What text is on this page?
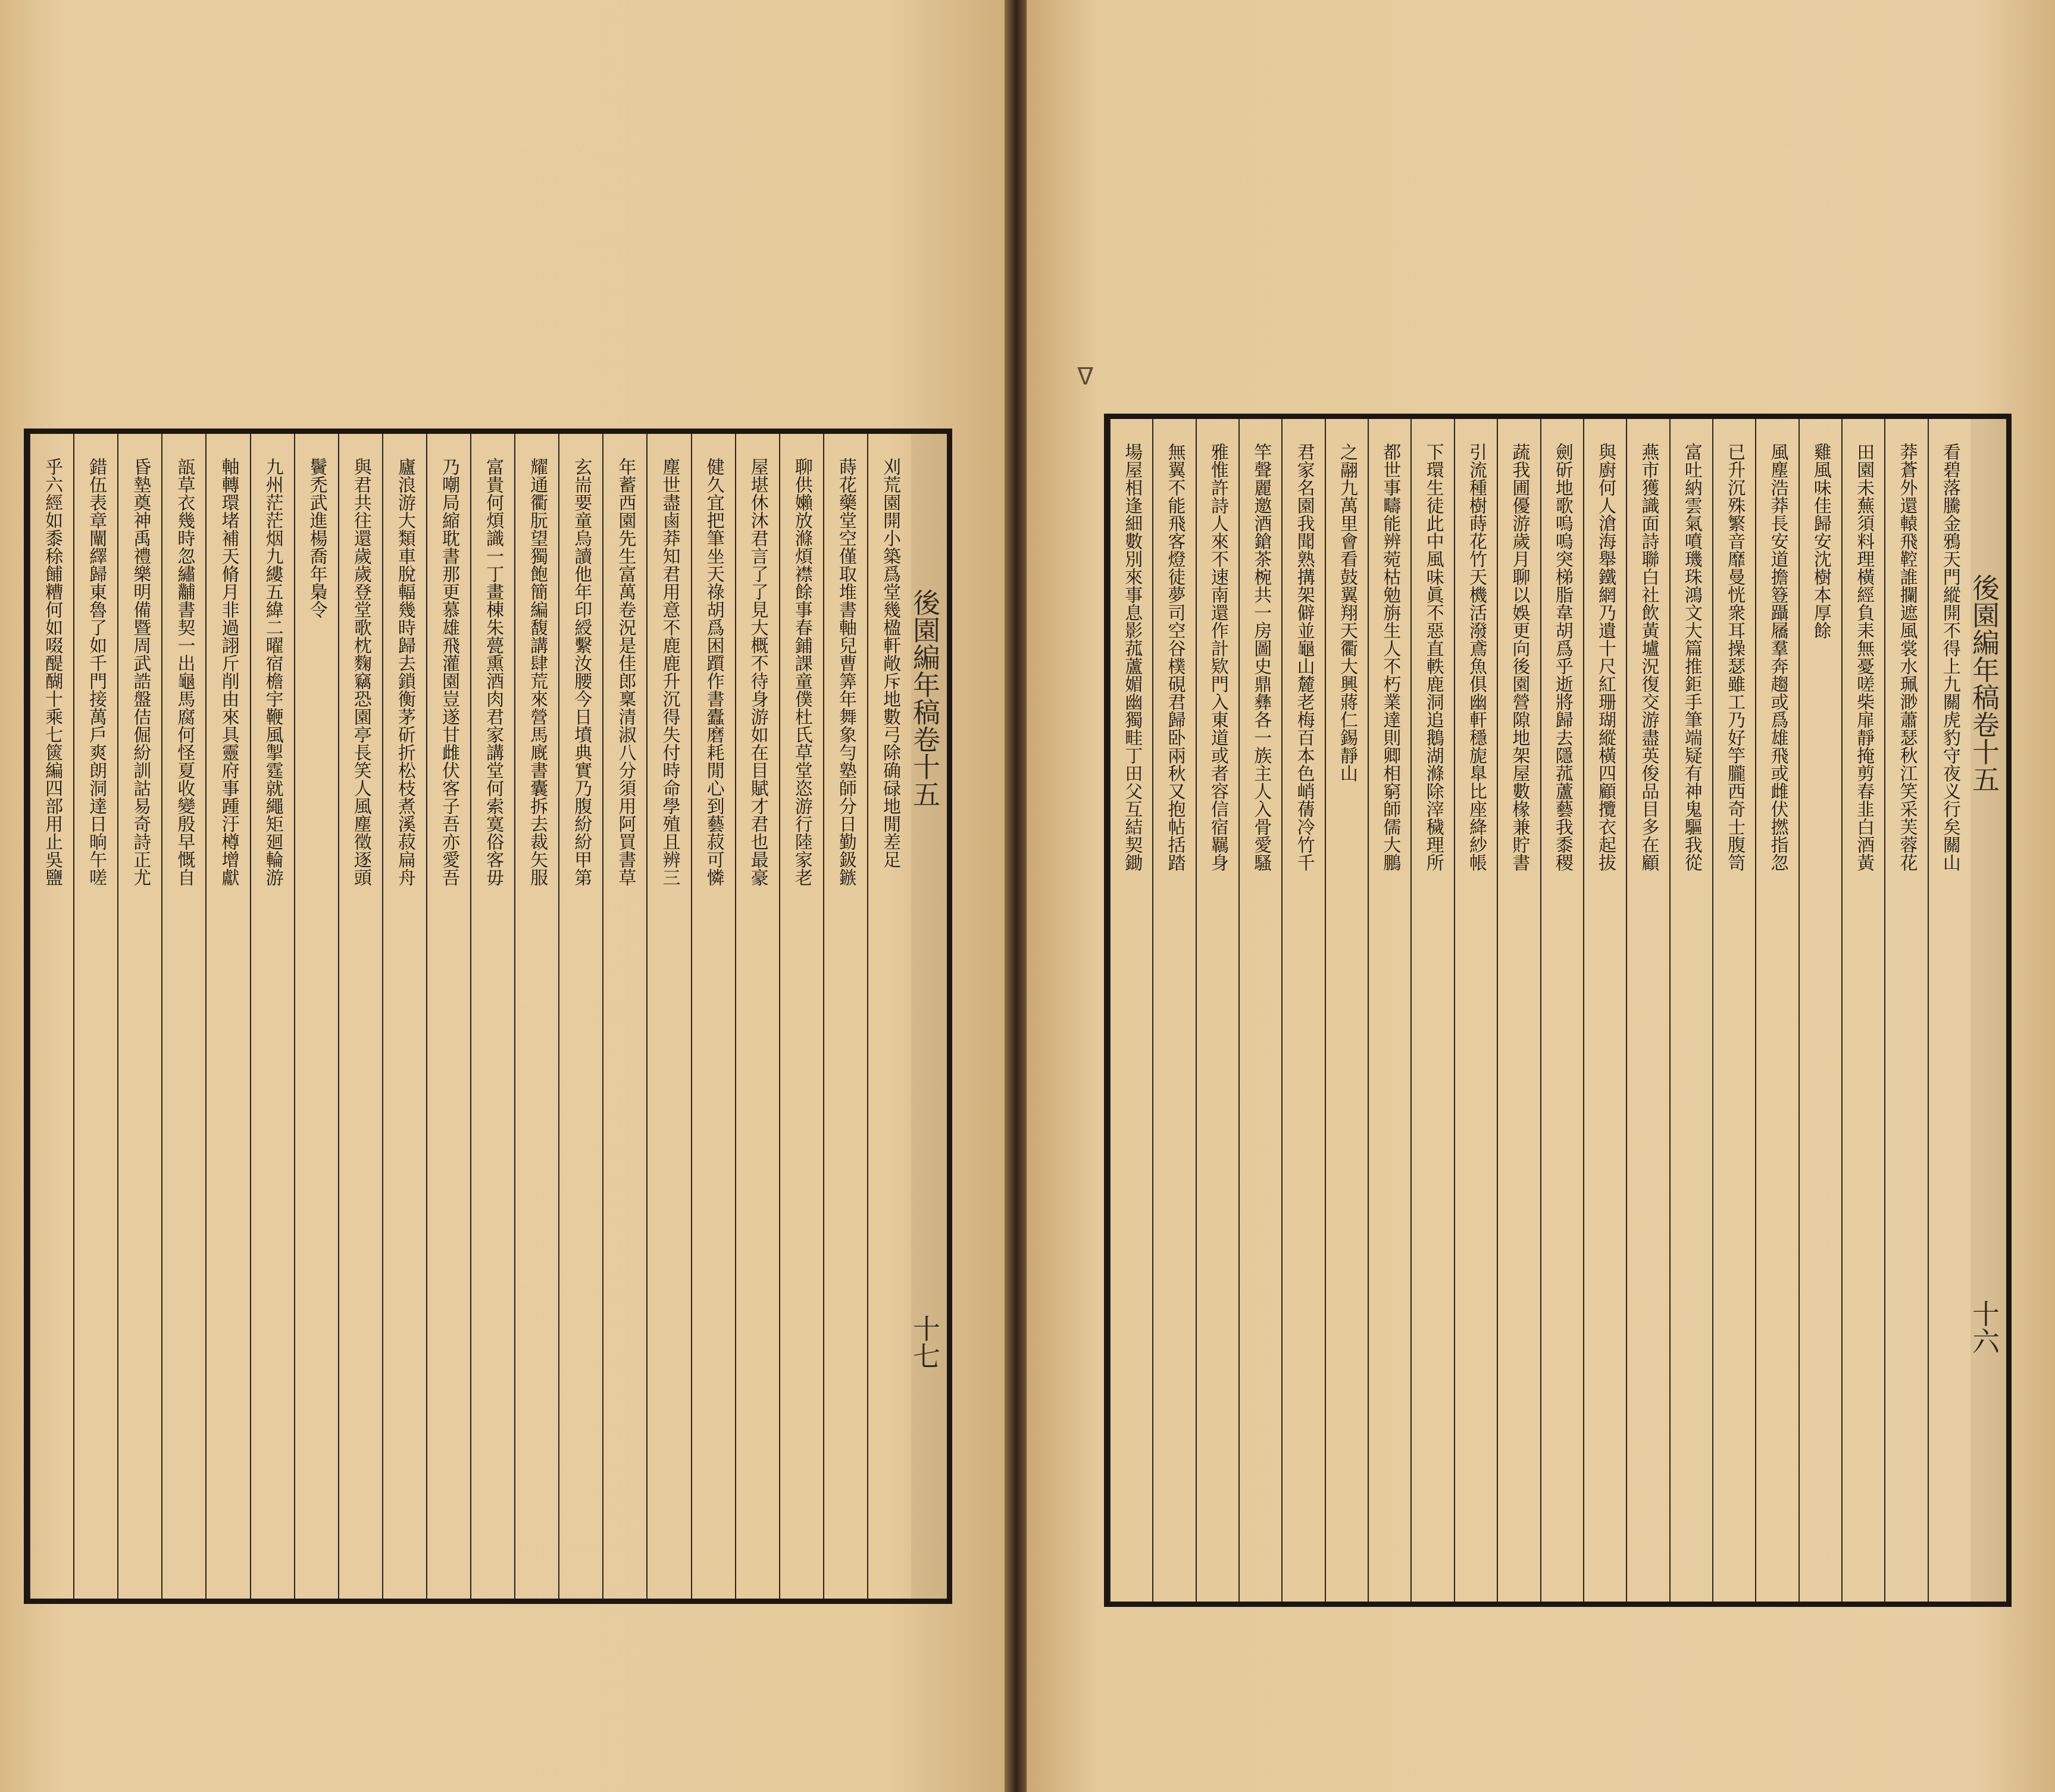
後園編年稿卷十五
十七
刈荒園開小築爲堂幾楹軒敞斥地數弓除确碌地閒差足
蒔花藥堂空僅取堆書軸兒曹筭年舞象勻塾師分日勤鈒鏃
聊供嬾放滌煩襟餘事春鋪課童僕杜氏草堂恣游行陸家老
屋堪休沐君言了了見大概不待身游如在目賦才君也最豪
健久宜把筆坐天祿胡爲困躓作書蠹磨耗閒心到藝菽可憐
塵世盡鹵莽知君用意不鹿鹿升沉得失付時命學殖且辨三
年蓄西園先生富萬卷況是佳郎稟清淑八分須用阿買書草
玄耑要童烏讀他年印綬繫汝腰今日墳典實乃腹紛紛甲第
耀通衢朊望獨飽簡編馥講肆荒來營馬廐書囊拆去裁矢服
富貴何煩識一丁畫棟朱甍熏酒肉君家講堂何索寞俗客毋
乃嘲局縮耽書那更慕雄飛灌園豈遂甘雌伏客子吾亦愛吾
廬浪游大類車脫輻幾時歸去鎖衡茅斫折松枝煮溪菽扁舟
與君共往還歲歲登堂歌枕麴竊恐園亭長笑人風塵徵逐頭
鬢禿武進楊喬年梟令
九州茫茫烟九縷五緯二曜宿檐宇鞭風掣霆就繩矩廻輪游
軸轉環堵補天脩月非過詡斤削由來具靈府事踵汙樽增獻
瓿草衣幾時忽繡黼書契一出龜馬腐何怪夏收變殷早慨自
昏墊奠神禹禮樂明備暨周武誥盤佶倔紛訓詁易奇詩正尤
錯伍表章闡繹歸東魯了如千門接萬戶爽朗洞達日晌午嗟
乎六經如黍稌餔糟何如啜醍醐十乘七篋編四部用止吳鹽	後園編年稿卷十五
十六
看碧落騰金鴉天門縱開不得上九關虎豹守夜义行矣關山
莽蒼外還轅飛鞚誰攔遮風裳水珮渺蕭瑟秋江笑采芙蓉花
田園未蕪須料理橫經負耒無憂嗟柴扉靜掩剪春韭白酒黃
雞風味佳歸安沈樹本厚餘
風塵浩莽長安道擔簦躡屩羣奔趨或爲雄飛或雌伏撚指忽
已升沉殊繁音靡曼恍衆耳操瑟雖工乃好竽朧西奇士腹笥
富吐納雲氣噴璣珠鴻文大篇推鉅手筆端疑有神鬼驅我從
燕市獲識面詩聯白社飲黃壚況復交游盡英俊品目多在顧
與廚何人滄海舉鐵網乃遺十尺紅珊瑚縱橫四顧攬衣起拔
劍斫地歌嗚嗚突梯脂韋胡爲乎逝將歸去隱菰蘆藝我黍稷
蔬我圃優游歲月聊以娛更向後園營隙地架屋數椽兼貯書
引流種樹蒔花竹天機活潑鳶魚俱幽軒穩旎臯比座絳紗帳
下環生徒此中風味眞不惡直軼鹿洞追鵝湖滌除滓穢理所
都世事疇能辨菀枯勉旃生人不朽業達則卿相窮師儒大鵬
之翮九萬里會看鼓翼翔天衢大興蔣仁錫靜山
君家名園我聞熟搆架僻並龜山麓老梅百本色峭蒨冷竹千
竿聲麗邀酒鎗茶椀共一房圖史鼎彝各一族主人入骨愛騷
雅惟許詩人來不速南還作計欵門入東道或者容信宿羈身
無翼不能飛客燈徒夢司空谷樸硯君歸卧兩秋又抱帖括踏
場屋相逢細數別來事息影菰蘆媚幽獨畦丁田父互結契鋤
ᐁ
